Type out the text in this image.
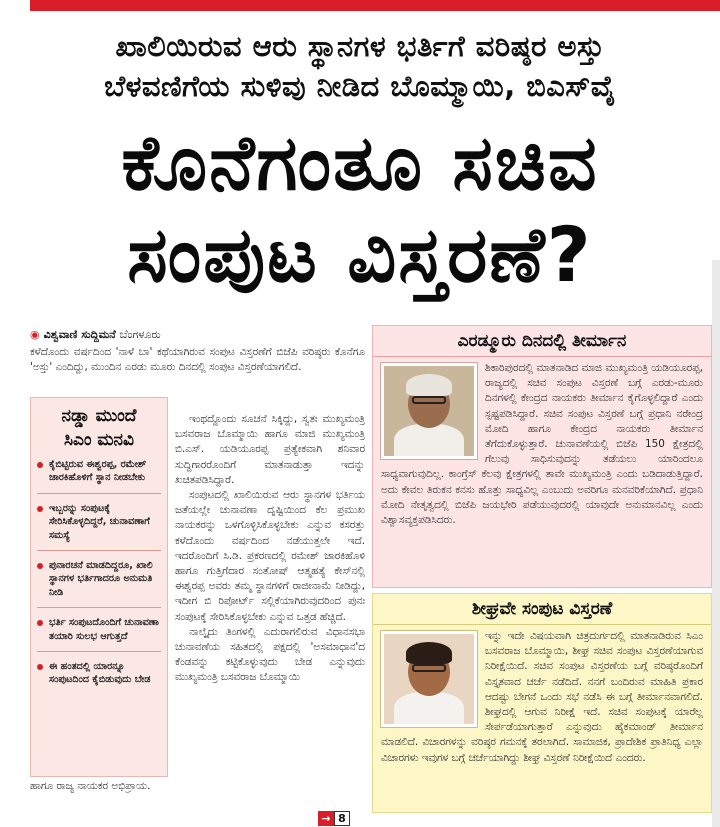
ಖಾಲಿಯಿರುವ ಆರು ಸ್ಥಾನಗಳ ಭರ್ತಿಗೆ ವರಿಷ್ಠರ ಅಸ್ತು
ಬೆಳವಣಿಗೆಯ ಸುಳಿವು ನೀಡಿದ ಬೊಮ್ಮಾಯಿ, ಬಿಎಸ್‌ವೈ
ಕೊನೆಗಂತೂ ಸಚಿವ
ಸಂಪುಟ ವಿಸ್ತರಣೆ?
◉ ವಿಶ್ವವಾಣಿ ಸುದ್ದಿಮನೆ ಬೆಂಗಳೂರು
ಕಳೆದೊಂದು ವರ್ಷದಿಂದ 'ನಾಳೆ ಬಾ' ಕಥೆಯಾಗಿರುವ ಸಂಪುಟ ವಿಸ್ತರಣೆಗೆ ಬಿಜೆಪಿ ವರಿಷ್ಠರು ಕೊನೆಗೂ 'ಅಸ್ತು' ಎಂದಿದ್ದು, ಮುಂದಿನ ಎರಡು ಮೂರು ದಿನದಲ್ಲಿ ಸಂಪುಟ ವಿಸ್ತರಣೆಯಾಗಲಿದೆ.
ನಡ್ಡಾ ಮುಂದೆ
ಸಿಎಂ ಮನವಿ
ಕೈಬಿಟ್ಟಿರುವ ಈಶ್ವರಪ್ಪ, ರಮೇಶ್ ಜಾರಕಿಹೊಳಿಗೆ ಸ್ಥಾನ ನೀಡಬೇಕು
ಇಬ್ಬರನ್ನು ಸಂಪುಟಕ್ಕೆ ಸೇರಿಸಿಕೊಳ್ಳದಿದ್ದರೆ, ಚುನಾವಣಾಗೆ ಸಮಸ್ಯೆ
ಪುನಾರಚನೆ ಮಾಡದಿದ್ದರೂ, ಖಾಲಿ ಸ್ಥಾನಗಳ ಭರ್ತಿಗಾದರೂ ಅನುಮತಿ ನೀಡಿ
ಭರ್ತಿ ಸಂಪುಟದೊಂದಿಗೆ ಚುನಾವಣಾ ತಯಾರಿ ಸುಲಭ ಆಗುತ್ತದೆ
ಈ ಹಂತದಲ್ಲಿ ಯಾರನ್ನೂ ಸಂಪುಟದಿಂದ ಕೈಬಿಡುವುದು ಬೇಡ

ಇಂಥದ್ದೊಂದು ಸೂಚನೆ ಸಿಕ್ಕಿದ್ದು, ಸ್ವತಃ ಮುಖ್ಯಮಂತ್ರಿ ಬಸವರಾಜ ಬೊಮ್ಮಾಯಿ ಹಾಗೂ ಮಾಜಿ ಮುಖ್ಯಮಂತ್ರಿ ಬಿ.ಎಸ್. ಯಡಿಯೂರಪ್ಪ ಪ್ರತ್ಯೇಕವಾಗಿ ಶನಿವಾರ ಸುದ್ದಿಗಾರರೊಂದಿಗೆ ಮಾತನಾಡುತ್ತಾ ಇದನ್ನು ಖಚಿತಪಡಿಸಿದ್ದಾರೆ.

ಸಂಪುಟದಲ್ಲಿ ಖಾಲಿಯಿರುವ ಆರು ಸ್ಥಾನಗಳ ಭರ್ತಿಯ ಜತೆಯಲ್ಲೇ ಚುನಾವಣಾ ದೃಷ್ಟಿಯಿಂದ ಕೆಲ ಪ್ರಮುಖ ನಾಯಕರನ್ನು ಒಳಗೊಳ್ಳಿಸಿಕೊಳ್ಳಬೇಕು ಎನ್ನುವ ಕಸರತ್ತು ಕಳೆದೊಂದು ವರ್ಷದಿಂದ ನಡೆಯುತ್ತಲೇ ಇದೆ. ಇದರೊಂದಿಗೆ ಸಿ.ಡಿ. ಪ್ರಕರಣದಲ್ಲಿ ರಮೇಶ್ ಜಾರಕಿಹೊಳಿ ಹಾಗೂ ಗುತ್ತಿಗೆದಾರ ಸಂತೋಷ್ ಆತ್ಮಹತ್ಯೆ ಕೇಸ್‌ನಲ್ಲಿ ಈಶ್ವರಪ್ಪ ಅವರು ತಮ್ಮ ಸ್ಥಾನಗಳಿಗೆ ರಾಜೀನಾಮೆ ನೀಡಿದ್ದು, ಇದೀಗ ಬಿ ರಿಪೋರ್ಟ್ ಸಲ್ಲಿಕೆಯಾಗಿರುವುದರಿಂದ ಪುನಃ ಸಂಪುಟಕ್ಕೆ ಸೇರಿಸಿಕೊಳ್ಳಬೇಕು ಎನ್ನುವ ಒತ್ತಡ ಹೆಚ್ಚಿದೆ.

ನಾಲ್ಕೈದು ತಿಂಗಳಲ್ಲಿ ಎದುರಾಗಲಿರುವ ವಿಧಾನಸಭಾ ಚುನಾವಣೆಯ ಸಹಿತದಲ್ಲಿ ಪಕ್ಷದಲ್ಲಿ 'ಅಸಮಾಧಾನ'ದ ಕೆಂಡವನ್ನು ಕಟ್ಟಿಕೊಳ್ಳುವುದು ಬೇಡ ಎನ್ನುವುದು ಮುಖ್ಯಮಂತ್ರಿ ಬಸವರಾಜ ಬೊಮ್ಮಾಯಿ

ಹಾಗೂ ರಾಜ್ಯ ನಾಯಕರ ಅಭಿಪ್ರಾಯ.
ಎರಡ್ಮೂರು ದಿನದಲ್ಲಿ ತೀರ್ಮಾನ
ಶಿಕಾರಿಪುರದಲ್ಲಿ ಮಾತನಾಡಿದ ಮಾಜಿ ಮುಖ್ಯಮಂತ್ರಿ ಯಡಿಯೂರಪ್ಪ, ರಾಜ್ಯದಲ್ಲಿ ಸಚಿವ ಸಂಪುಟ ವಿಸ್ತರಣೆ ಬಗ್ಗೆ ಎರಡು-ಮೂರು ದಿನಗಳಲ್ಲಿ ಕೇಂದ್ರದ ನಾಯಕರು ತೀರ್ಮಾನ ಕೈಗೊಳ್ಳಲಿದ್ದಾರೆ ಎಂದು ಸ್ಪಷ್ಟಪಡಿಸಿದ್ದಾರೆ. ಸಚಿವ ಸಂಪುಟ ವಿಸ್ತರಣೆ ಬಗ್ಗೆ ಪ್ರಧಾನಿ ನರೇಂದ್ರ ಮೋದಿ ಹಾಗೂ ಕೇಂದ್ರದ ನಾಯಕರು ತೀರ್ಮಾನ ತೆಗೆದುಕೊಳ್ಳುತ್ತಾರೆ. ಚುನಾವಣೆಯಲ್ಲಿ ಬಿಜೆಪಿ 150 ಕ್ಷೇತ್ರದಲ್ಲಿ ಗೆಲುವು ಸಾಧಿಸುವುದನ್ನು ತಡೆಯಲು ಯಾರಿಂದಲೂ ಸಾಧ್ಯವಾಗುವುದಿಲ್ಲ. ಕಾಂಗ್ರೆಸ್ ಕೆಲವು ಕ್ಷೇತ್ರಗಳಲ್ಲಿ ತಾವೇ ಮುಖ್ಯಮಂತ್ರಿ ಎಂದು ಬಡಿದಾಡುತ್ತಿದ್ದಾರೆ. ಅದು ಕೇವಲ ತಿರುಕನ ಕನಸು ಹೊತ್ತು ಸಾಧ್ಯವಿಲ್ಲ ಎಂಬುದು ಅವರಿಗೂ ಮನವರಿಕೆಯಾಗಿದೆ. ಪ್ರಧಾನಿ ಮೋದಿ ನೇತೃತ್ವದಲ್ಲಿ ಬಿಜೆಪಿ ಜಯಭೇರಿ ಪಡೆಯುವುದರಲ್ಲಿ ಯಾವುದೇ ಅನುಮಾನವಿಲ್ಲ ಎಂದು ವಿಶ್ವಾಸವ್ಯಕ್ತಪಡಿಸಿದರು.
ಶೀಘ್ರವೇ ಸಂಪುಟ ವಿಸ್ತರಣೆ
ಇನ್ನು ಇದೇ ವಿಷಯವಾಗಿ ಚಿತ್ರದುರ್ಗದಲ್ಲಿ ಮಾತನಾಡಿರುವ ಸಿಎಂ ಬಸವರಾಜ ಬೊಮ್ಮಾಯಿ, ಶೀಘ್ರ ಸಚಿವ ಸಂಪುಟ ವಿಸ್ತರಣೆಯಾಗುವ ನಿರೀಕ್ಷೆಯಿದೆ. ಸಚಿವ ಸಂಪುಟ ವಿಸ್ತರಣೆಯ ಬಗ್ಗೆ ವರಿಷ್ಠರೊಂದಿಗೆ ವಿಸ್ತೃತವಾದ ಚರ್ಚೆ ನಡೆದಿದೆ. ನನಗೆ ಬಂದಿರುವ ಮಾಹಿತಿ ಪ್ರಕಾರ ಆದಷ್ಟು ಬೇಗನೆ ಒಂದು ಸಭೆ ನಡೆಸಿ ಈ ಬಗ್ಗೆ ತೀರ್ಮಾನವಾಗಲಿದೆ. ಶೀಘ್ರದಲ್ಲಿ ಆಗುವ ನಿರೀಕ್ಷೆ ಇದೆ. ಸಚಿವ ಸಂಪುಟಕ್ಕೆ ಯಾರೆಲ್ಲ ಸೇರ್ಪಡೆಯಾಗುತ್ತಾರೆ ಎನ್ನುವುದು ಹೈಕಮಾಂಡ್ ತೀರ್ಮಾನ ಮಾಡಲಿದೆ. ವಿಚಾರಗಳನ್ನು ವರಿಷ್ಠರ ಗಮನಕ್ಕೆ ತರಲಾಗಿದೆ. ಸಾಮಾಜಿಕ, ಪ್ರಾದೇಶಿಕ ಪ್ರಾತಿನಿಧ್ಯ ಎಲ್ಲಾ ವಿಚಾರಗಳು ಇವುಗಳ ಬಗ್ಗೆ ಚರ್ಚೆಯಾಗಿದ್ದು ಶೀಘ್ರ ವಿಸ್ತರಣೆ ನಿರೀಕ್ಷೆಯಿದೆ ಎಂದರು.
→ 8
